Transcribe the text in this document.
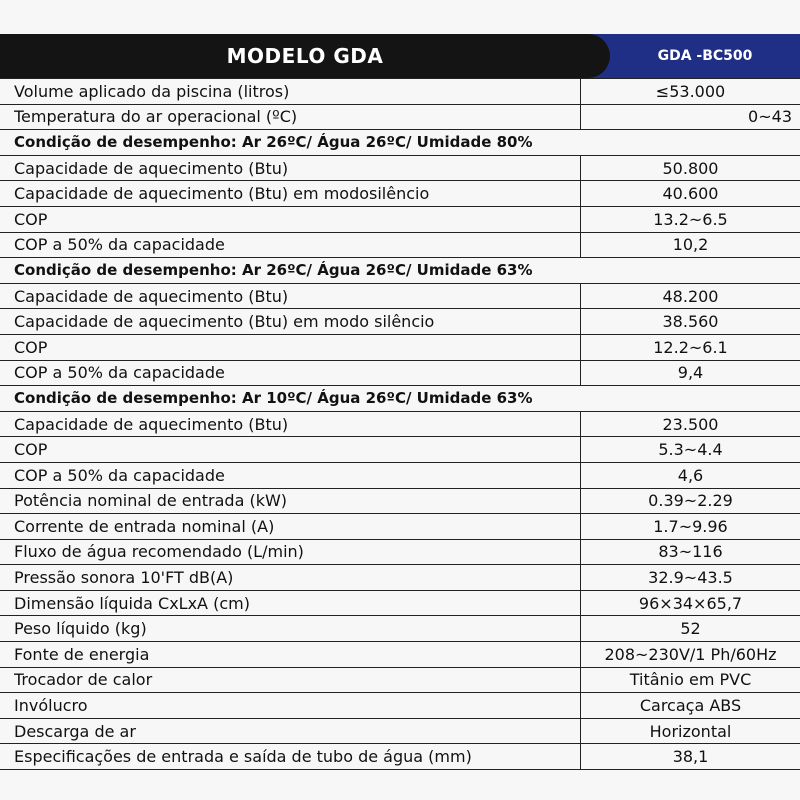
MODELO GDA	GDA -BC500
Volume aplicado da piscina (litros)	≤53.000
Temperatura do ar operacional (ºC)	0~43
Condição de desempenho: Ar 26ºC/ Água 26ºC/ Umidade 80%
Capacidade de aquecimento (Btu)	50.800
Capacidade de aquecimento (Btu) em modosilêncio	40.600
COP	13.2~6.5
COP a 50% da capacidade	10,2
Condição de desempenho: Ar 26ºC/ Água 26ºC/ Umidade 63%
Capacidade de aquecimento (Btu)	48.200
Capacidade de aquecimento (Btu) em modo silêncio	38.560
COP	12.2~6.1
COP a 50% da capacidade	9,4
Condição de desempenho: Ar 10ºC/ Água 26ºC/ Umidade 63%
Capacidade de aquecimento (Btu)	23.500
COP	5.3~4.4
COP a 50% da capacidade	4,6
Potência nominal de entrada (kW)	0.39~2.29
Corrente de entrada nominal (A)	1.7~9.96
Fluxo de água recomendado (L/min)	83~116
Pressão sonora 10'FT dB(A)	32.9~43.5
Dimensão líquida CxLxA (cm)	96×34×65,7
Peso líquido (kg)	52
Fonte de energia	208~230V/1 Ph/60Hz
Trocador de calor	Titânio em PVC
Invólucro	Carcaça ABS
Descarga de ar	Horizontal
Especificações de entrada e saída de tubo de água (mm)	38,1
